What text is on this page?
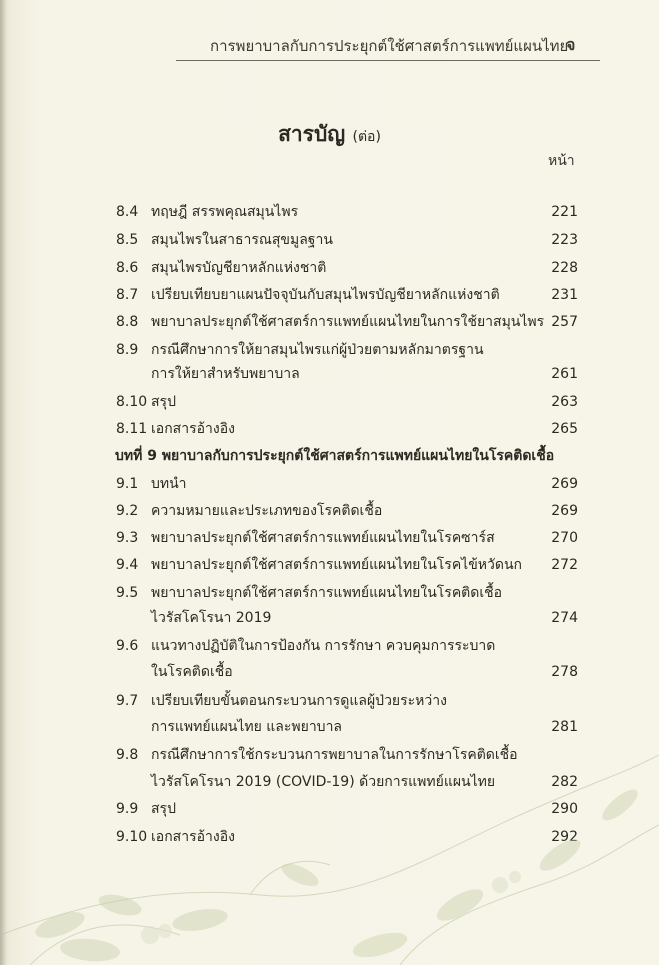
การพยาบาลกับการประยุกต์ใช้ศาสตร์การแพทย์แผนไทย
จ
สารบัญ (ต่อ)
หน้า
8.4 ทฤษฎี สรรพคุณสมุนไพร	221
8.5 สมุนไพรในสาธารณสุขมูลฐาน	223
8.6 สมุนไพรบัญชียาหลักแห่งชาติ	228
8.7 เปรียบเทียบยาแผนปัจจุบันกับสมุนไพรบัญชียาหลักแห่งชาติ	231
8.8 พยาบาลประยุกต์ใช้ศาสตร์การแพทย์แผนไทยในการใช้ยาสมุนไพร 257
8.9 กรณีศึกษาการให้ยาสมุนไพรแก่ผู้ป่วยตามหลักมาตรฐาน
การให้ยาสำหรับพยาบาล	261
8.10 สรุป	263
8.11 เอกสารอ้างอิง	265
บทที่ 9 พยาบาลกับการประยุกต์ใช้ศาสตร์การแพทย์แผนไทยในโรคติดเชื้อ
9.1 บทนำ	269
9.2 ความหมายและประเภทของโรคติดเชื้อ	269
9.3 พยาบาลประยุกต์ใช้ศาสตร์การแพทย์แผนไทยในโรคซาร์ส	270
9.4 พยาบาลประยุกต์ใช้ศาสตร์การแพทย์แผนไทยในโรคไข้หวัดนก 272
9.5 พยาบาลประยุกต์ใช้ศาสตร์การแพทย์แผนไทยในโรคติดเชื้อ
ไวรัสโคโรนา 2019	274
9.6 แนวทางปฏิบัติในการป้องกัน การรักษา ควบคุมการระบาด
ในโรคติดเชื้อ	278
9.7 เปรียบเทียบขั้นตอนกระบวนการดูแลผู้ป่วยระหว่าง
การแพทย์แผนไทย และพยาบาล	281
9.8 กรณีศึกษาการใช้กระบวนการพยาบาลในการรักษาโรคติดเชื้อ
ไวรัสโคโรนา 2019 (COVID-19) ด้วยการแพทย์แผนไทย	282
9.9 สรุป	290
9.10 เอกสารอ้างอิง	292
